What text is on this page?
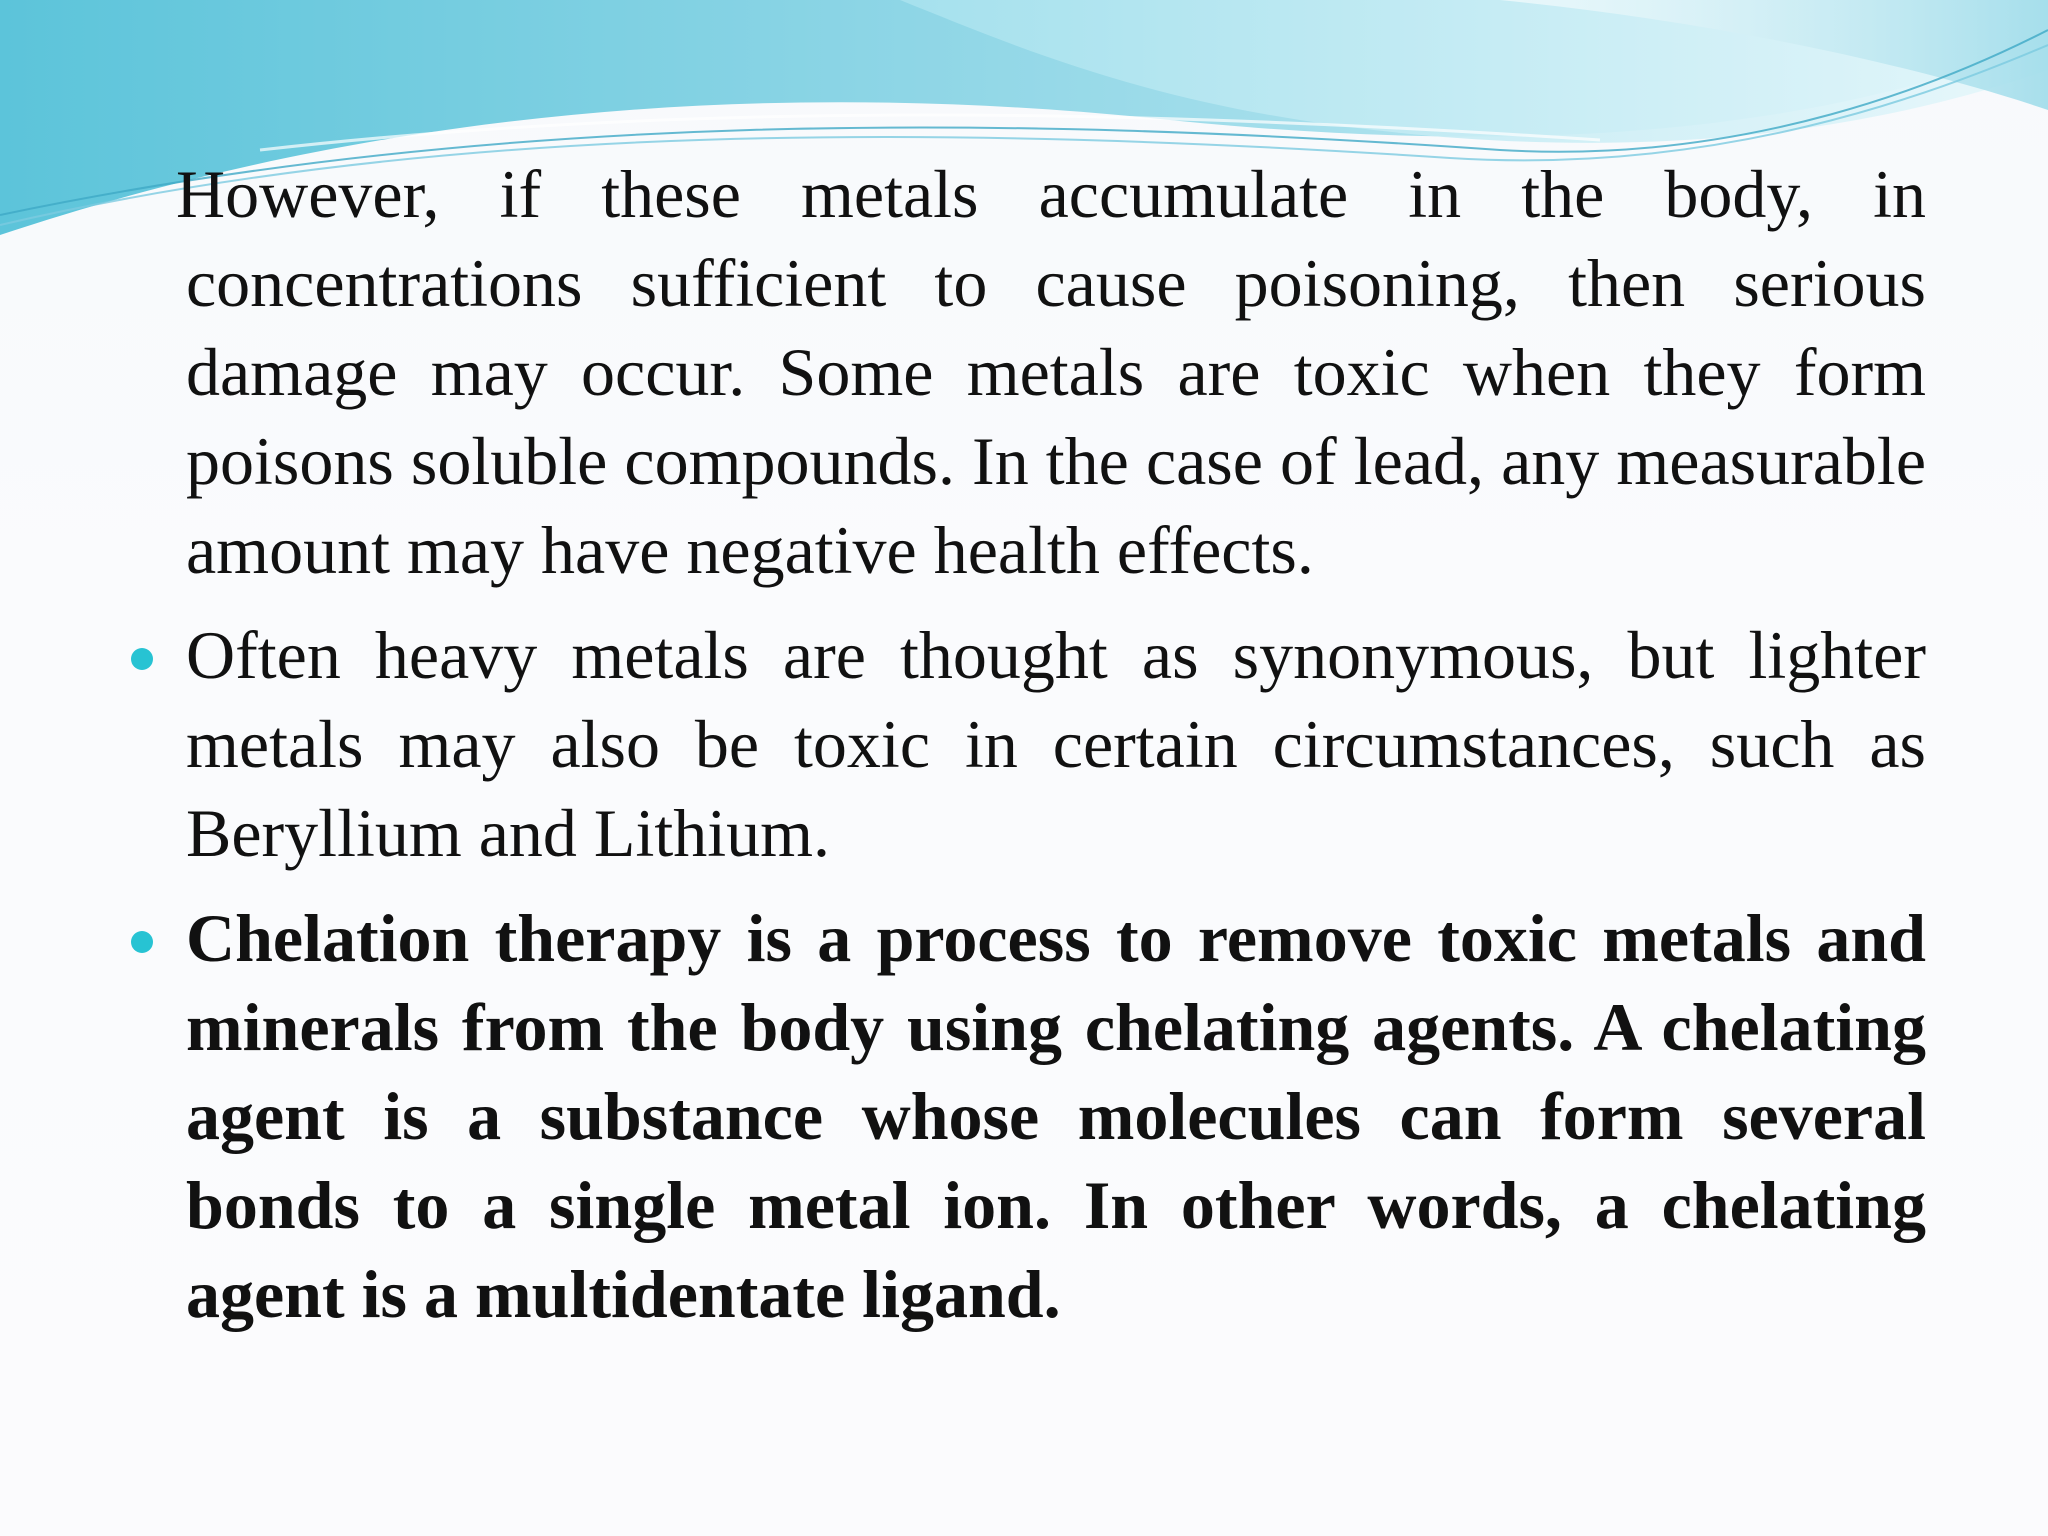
However, if these metals accumulate in the body, in concentrations sufficient to cause poisoning, then serious damage may occur. Some metals are toxic when they form poisons soluble compounds. In the case of lead, any measurable amount may have negative health effects.

Often heavy metals are thought as synonymous, but lighter metals may also be toxic in certain circumstances, such as Beryllium and Lithium.

Chelation therapy is a process to remove toxic metals and minerals from the body using chelating agents. A chelating agent is a substance whose molecules can form several bonds to a single metal ion. In other words, a chelating agent is a multidentate ligand.
